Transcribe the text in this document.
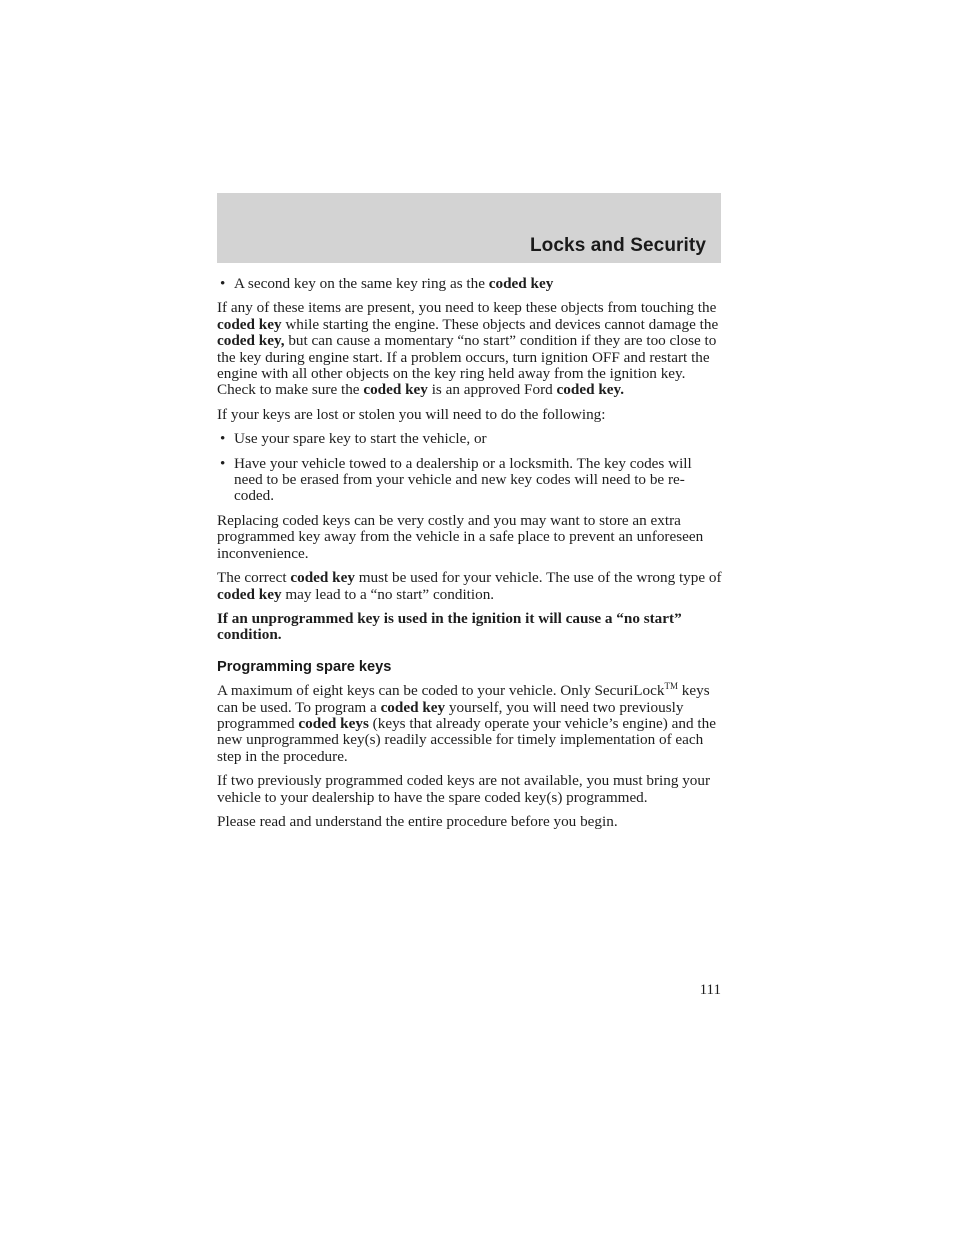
Locks and Security
• A second key on the same key ring as the coded key

If any of these items are present, you need to keep these objects from touching the coded key while starting the engine. These objects and devices cannot damage the coded key, but can cause a momentary “no start” condition if they are too close to the key during engine start. If a problem occurs, turn ignition OFF and restart the engine with all other objects on the key ring held away from the ignition key. Check to make sure the coded key is an approved Ford coded key.

If your keys are lost or stolen you will need to do the following:

• Use your spare key to start the vehicle, or
• Have your vehicle towed to a dealership or a locksmith. The key codes will need to be erased from your vehicle and new key codes will need to be re-coded.

Replacing coded keys can be very costly and you may want to store an extra programmed key away from the vehicle in a safe place to prevent an unforeseen inconvenience.

The correct coded key must be used for your vehicle. The use of the wrong type of coded key may lead to a “no start” condition.

If an unprogrammed key is used in the ignition it will cause a “no start” condition.

Programming spare keys

A maximum of eight keys can be coded to your vehicle. Only SecuriLock™ keys can be used. To program a coded key yourself, you will need two previously programmed coded keys (keys that already operate your vehicle’s engine) and the new unprogrammed key(s) readily accessible for timely implementation of each step in the procedure.

If two previously programmed coded keys are not available, you must bring your vehicle to your dealership to have the spare coded key(s) programmed.

Please read and understand the entire procedure before you begin.

111
